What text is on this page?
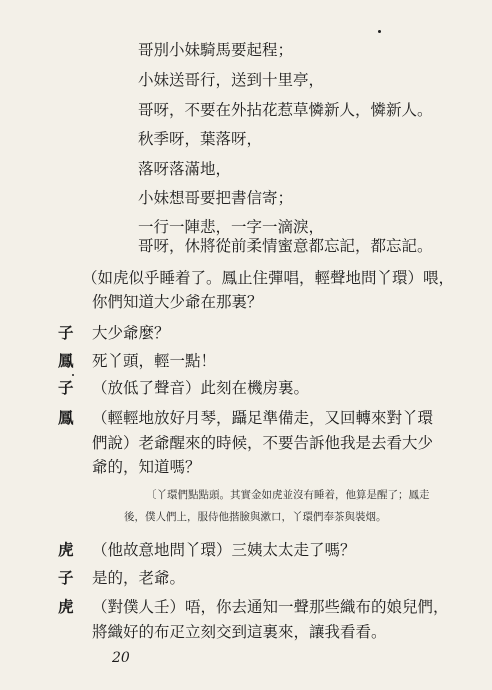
哥別小妹騎馬要起程；
小妹送哥行，送到十里亭，
哥呀，不要在外拈花惹草憐新人，憐新人。
秋季呀，葉落呀，
落呀落滿地，
小妹想哥要把書信寄；
一行一陣悲，一字一滴淚，
哥呀，休將從前柔情蜜意都忘記，都忘記。
（如虎似乎睡着了。鳳止住彈唱，輕聲地問丫環）喂，
你們知道大少爺在那裏？
子 大少爺麼？
鳳 死丫頭，輕一點！
子 （放低了聲音）此刻在機房裏。
鳳 （輕輕地放好月琴，躡足準備走，又回轉來對丫環
們說）老爺醒來的時候，不要告訴他我是去看大少
爺的，知道嗎？
〔丫環們點點頭。其實金如虎並沒有睡着，他算是醒了；鳳走
後，僕人們上，服侍他揩臉與漱口，丫環們奉茶與裝烟。
虎 （他故意地問丫環）三姨太太走了嗎？
子 是的，老爺。
虎 （對僕人壬）唔，你去通知一聲那些織布的娘兒們，
將織好的布疋立刻交到這裏來，讓我看看。
20
